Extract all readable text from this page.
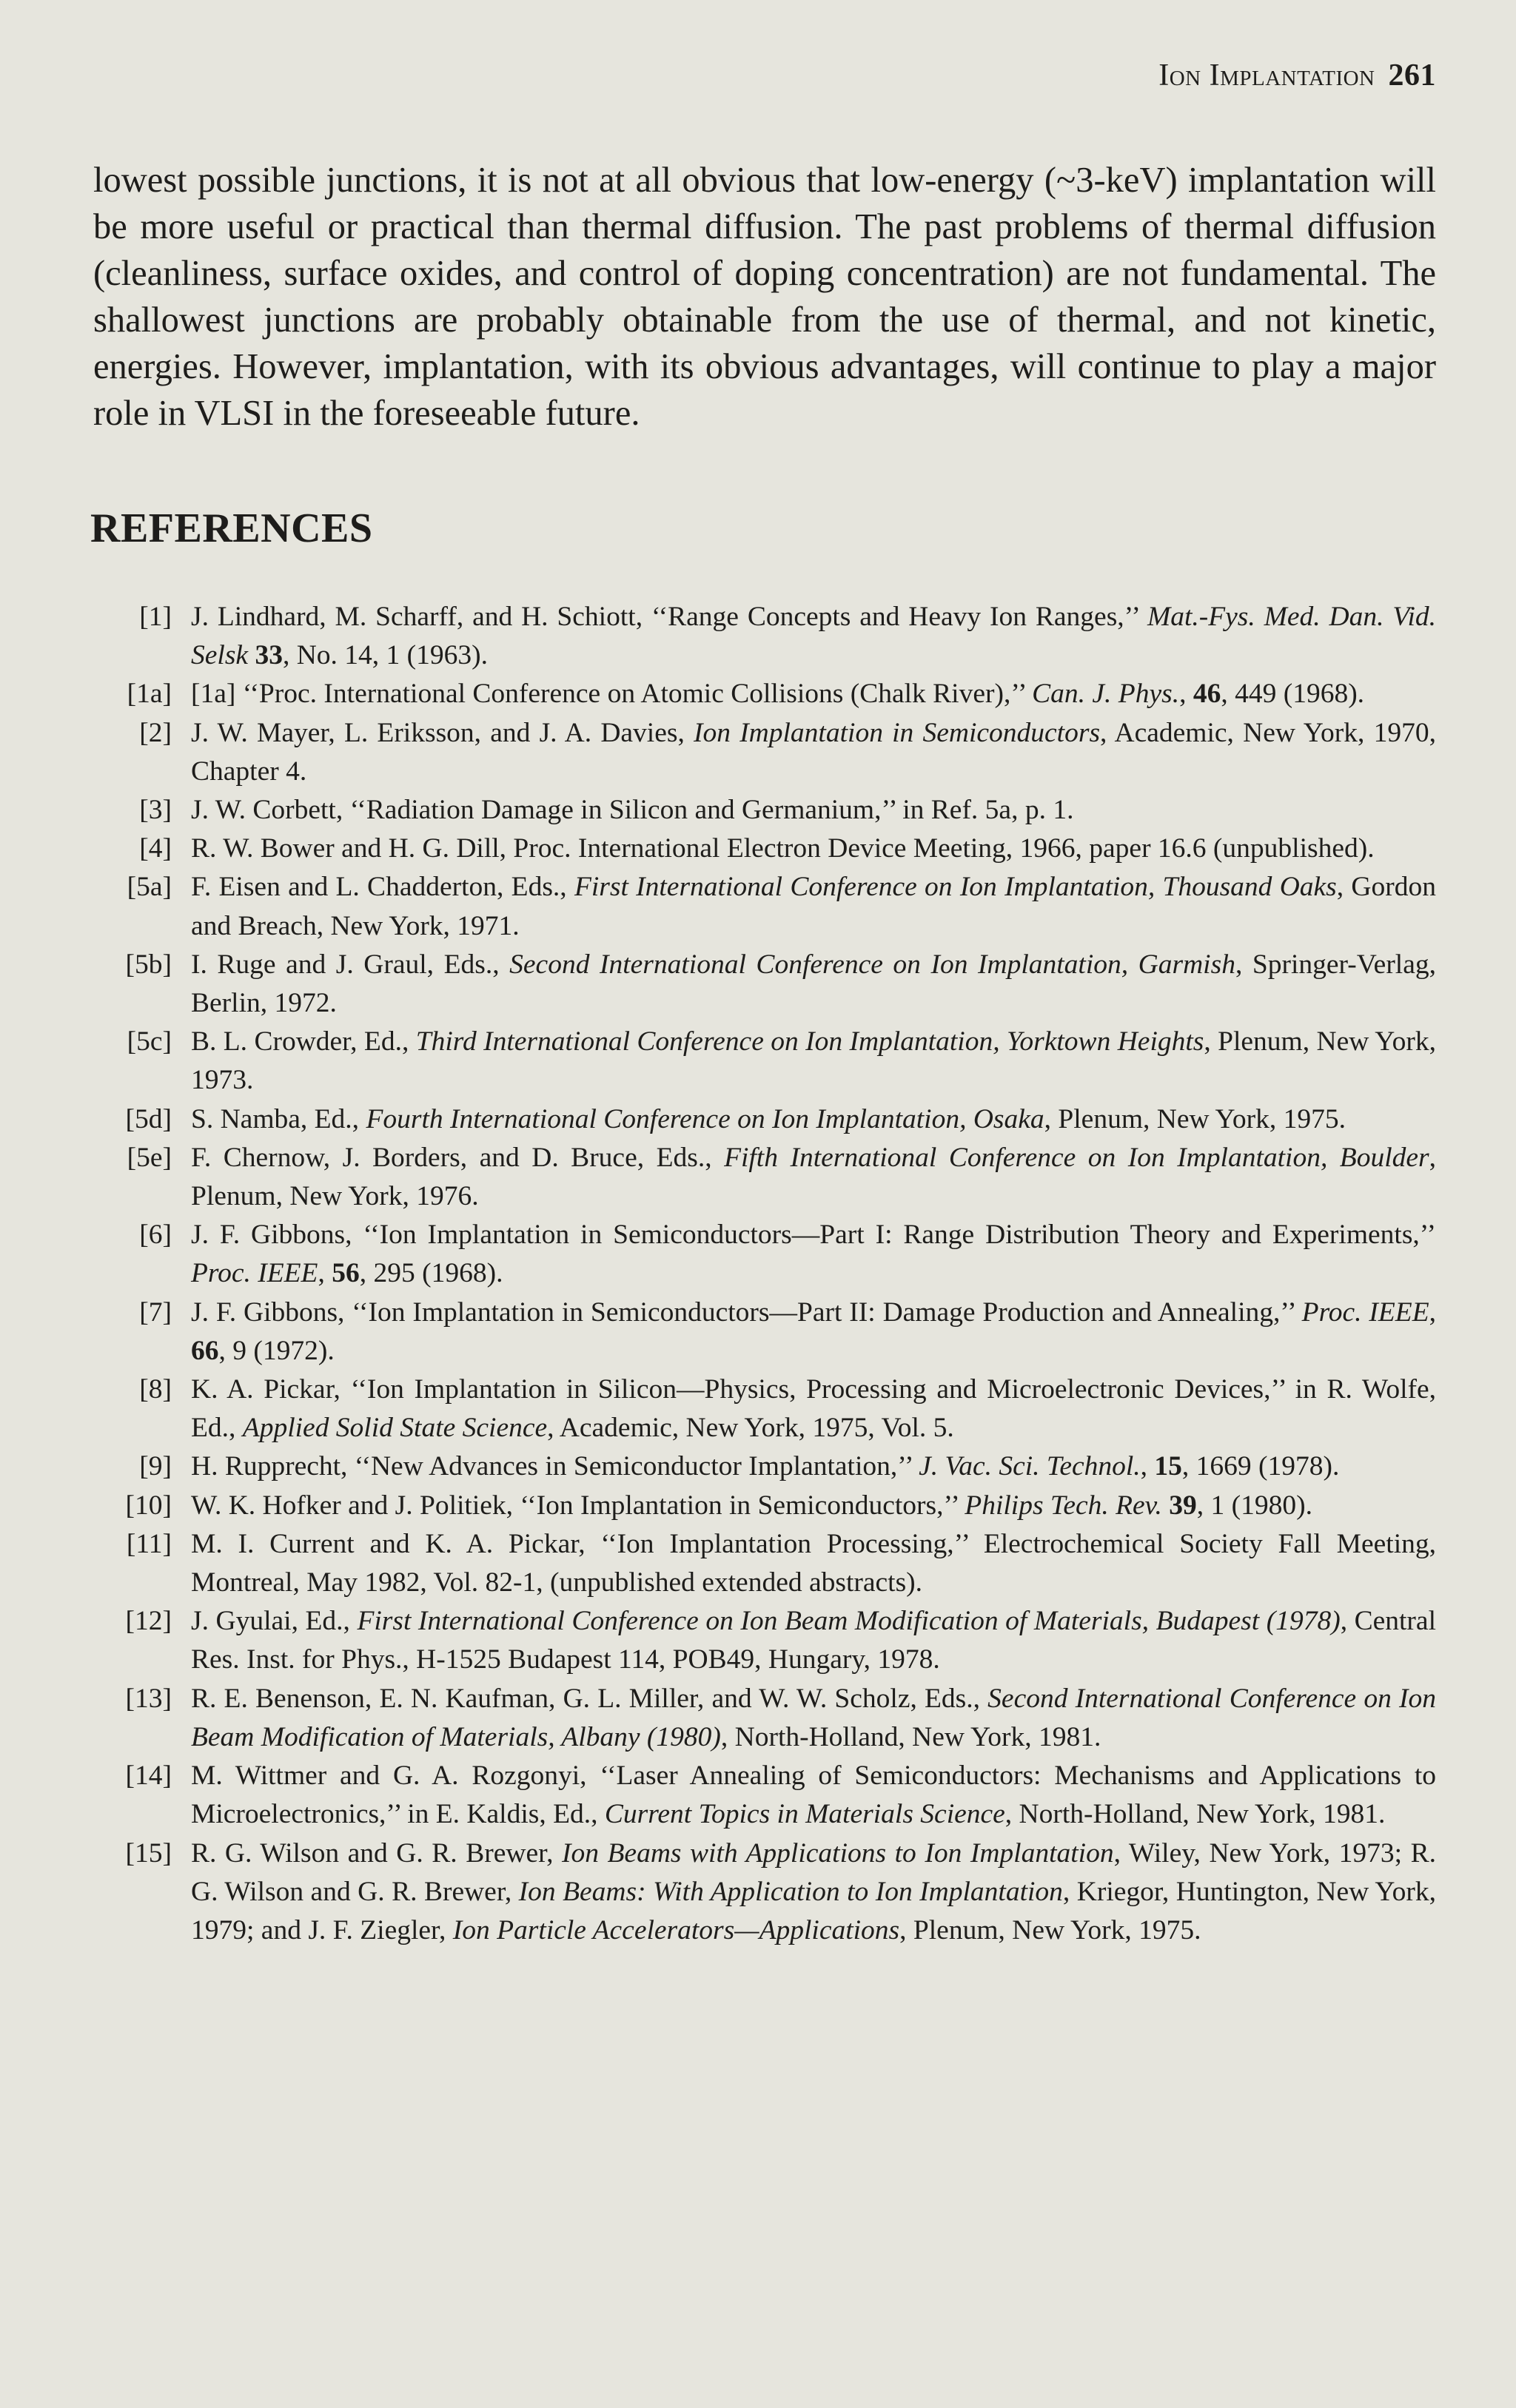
Ion Implantation 261

lowest possible junctions, it is not at all obvious that low-energy (~3-keV) implantation will be more useful or practical than thermal diffusion. The past problems of thermal diffusion (cleanliness, surface oxides, and control of doping concentration) are not fundamental. The shallowest junctions are probably obtainable from the use of thermal, and not kinetic, energies. However, implantation, with its obvious advantages, will continue to play a major role in VLSI in the foreseeable future.

REFERENCES
[1] J. Lindhard, M. Scharff, and H. Schiott, ‘‘Range Concepts and Heavy Ion Ranges,’’ Mat.-Fys. Med. Dan. Vid. Selsk 33, No. 14, 1 (1963).
[1a] [1a] ‘‘Proc. International Conference on Atomic Collisions (Chalk River),’’ Can. J. Phys., 46, 449 (1968).
[2] J. W. Mayer, L. Eriksson, and J. A. Davies, Ion Implantation in Semiconductors, Academic, New York, 1970, Chapter 4.
[3] J. W. Corbett, ‘‘Radiation Damage in Silicon and Germanium,’’ in Ref. 5a, p. 1.
[4] R. W. Bower and H. G. Dill, Proc. International Electron Device Meeting, 1966, paper 16.6 (unpublished).
[5a] F. Eisen and L. Chadderton, Eds., First International Conference on Ion Implantation, Thousand Oaks, Gordon and Breach, New York, 1971.
[5b] I. Ruge and J. Graul, Eds., Second International Conference on Ion Implantation, Garmish, Springer-Verlag, Berlin, 1972.
[5c] B. L. Crowder, Ed., Third International Conference on Ion Implantation, Yorktown Heights, Plenum, New York, 1973.
[5d] S. Namba, Ed., Fourth International Conference on Ion Implantation, Osaka, Plenum, New York, 1975.
[5e] F. Chernow, J. Borders, and D. Bruce, Eds., Fifth International Conference on Ion Implantation, Boulder, Plenum, New York, 1976.
[6] J. F. Gibbons, ‘‘Ion Implantation in Semiconductors—Part I: Range Distribution Theory and Experiments,’’ Proc. IEEE, 56, 295 (1968).
[7] J. F. Gibbons, ‘‘Ion Implantation in Semiconductors—Part II: Damage Production and Annealing,’’ Proc. IEEE, 66, 9 (1972).
[8] K. A. Pickar, ‘‘Ion Implantation in Silicon—Physics, Processing and Microelectronic Devices,’’ in R. Wolfe, Ed., Applied Solid State Science, Academic, New York, 1975, Vol. 5.
[9] H. Rupprecht, ‘‘New Advances in Semiconductor Implantation,’’ J. Vac. Sci. Technol., 15, 1669 (1978).
[10] W. K. Hofker and J. Politiek, ‘‘Ion Implantation in Semiconductors,’’ Philips Tech. Rev. 39, 1 (1980).
[11] M. I. Current and K. A. Pickar, ‘‘Ion Implantation Processing,’’ Electrochemical Society Fall Meeting, Montreal, May 1982, Vol. 82-1, (unpublished extended abstracts).
[12] J. Gyulai, Ed., First International Conference on Ion Beam Modification of Materials, Budapest (1978), Central Res. Inst. for Phys., H-1525 Budapest 114, POB49, Hungary, 1978.
[13] R. E. Benenson, E. N. Kaufman, G. L. Miller, and W. W. Scholz, Eds., Second International Conference on Ion Beam Modification of Materials, Albany (1980), North-Holland, New York, 1981.
[14] M. Wittmer and G. A. Rozgonyi, ‘‘Laser Annealing of Semiconductors: Mechanisms and Applications to Microelectronics,’’ in E. Kaldis, Ed., Current Topics in Materials Science, North-Holland, New York, 1981.
[15] R. G. Wilson and G. R. Brewer, Ion Beams with Applications to Ion Implantation, Wiley, New York, 1973; R. G. Wilson and G. R. Brewer, Ion Beams: With Application to Ion Implantation, Kriegor, Huntington, New York, 1979; and J. F. Ziegler, Ion Particle Accelerators—Applications, Plenum, New York, 1975.
